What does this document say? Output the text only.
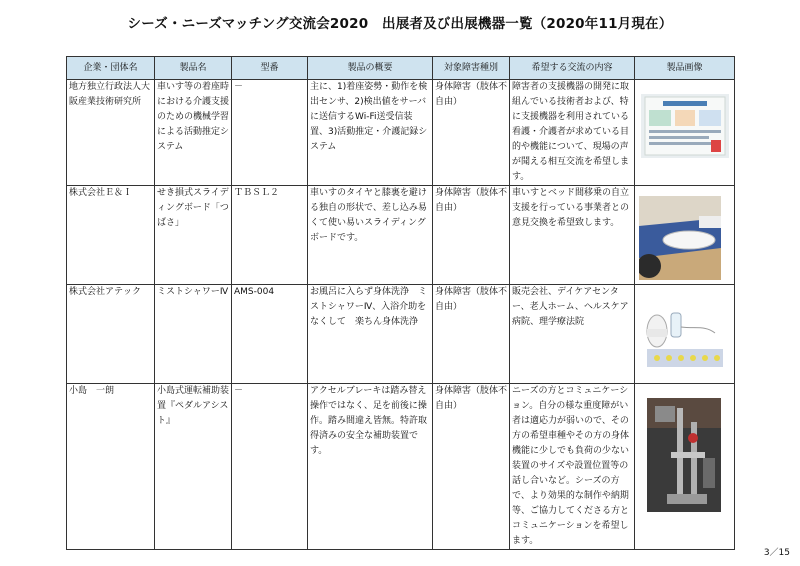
シーズ・ニーズマッチング交流会2020　出展者及び出展機器一覧（2020年11月現在）
企業・団体名	製品名	型番	製品の概要	対象障害種別	希望する交流の内容	製品画像
地方独立行政法人大阪産業技術研究所	車いす等の着座時における介護支援のための機械学習による活動推定システム	－	主に、1)着座姿勢・動作を検出センサ、2)検出値をサーバに送信するWi-Fi送受信装置、3)活動推定・介護記録システム	身体障害（肢体不自由）	障害者の支援機器の開発に取組んでいる技術者および、特に支援機器を利用されている看護・介護者が求めている目的や機能について、現場の声が聞える相互交流を希望します。	

株式会社Ｅ＆Ｉ	せき損式スライディングボード「つばさ」	ＴＢＳＬ２	車いすのタイヤと膝裏を避ける独自の形状で、差し込み易くて使い易いスライディングボードです。	身体障害（肢体不自由）	車いすとベッド間移乗の自立支援を行っている事業者との意見交換を希望致します。	

株式会社アテック	ミストシャワーⅣ	AMS-004	お風呂に入らず身体洗浄　ミストシャワーⅣ、入浴介助をなくして　楽ちん身体洗浄	身体障害（肢体不自由）	販売会社、デイケアセンター、老人ホーム、ヘルスケア病院、理学療法院	

小島　一朗	小島式運転補助装置『ペダルアシスト』	－	アクセルブレーキは踏み替え操作ではなく、足を前後に操作。踏み間違え皆無。特許取得済みの安全な補助装置です。	身体障害（肢体不自由）	ニーズの方とコミュニケーション。自分の様な重度障がい者は適応力が弱いので、その方の希望車種やその方の身体機能に少しでも負荷の少ない装置のサイズや設置位置等の話し合いなど。シーズの方で、より効果的な制作や納期等、ご協力してくださる方とコミュニケーションを希望します。	
3／15
